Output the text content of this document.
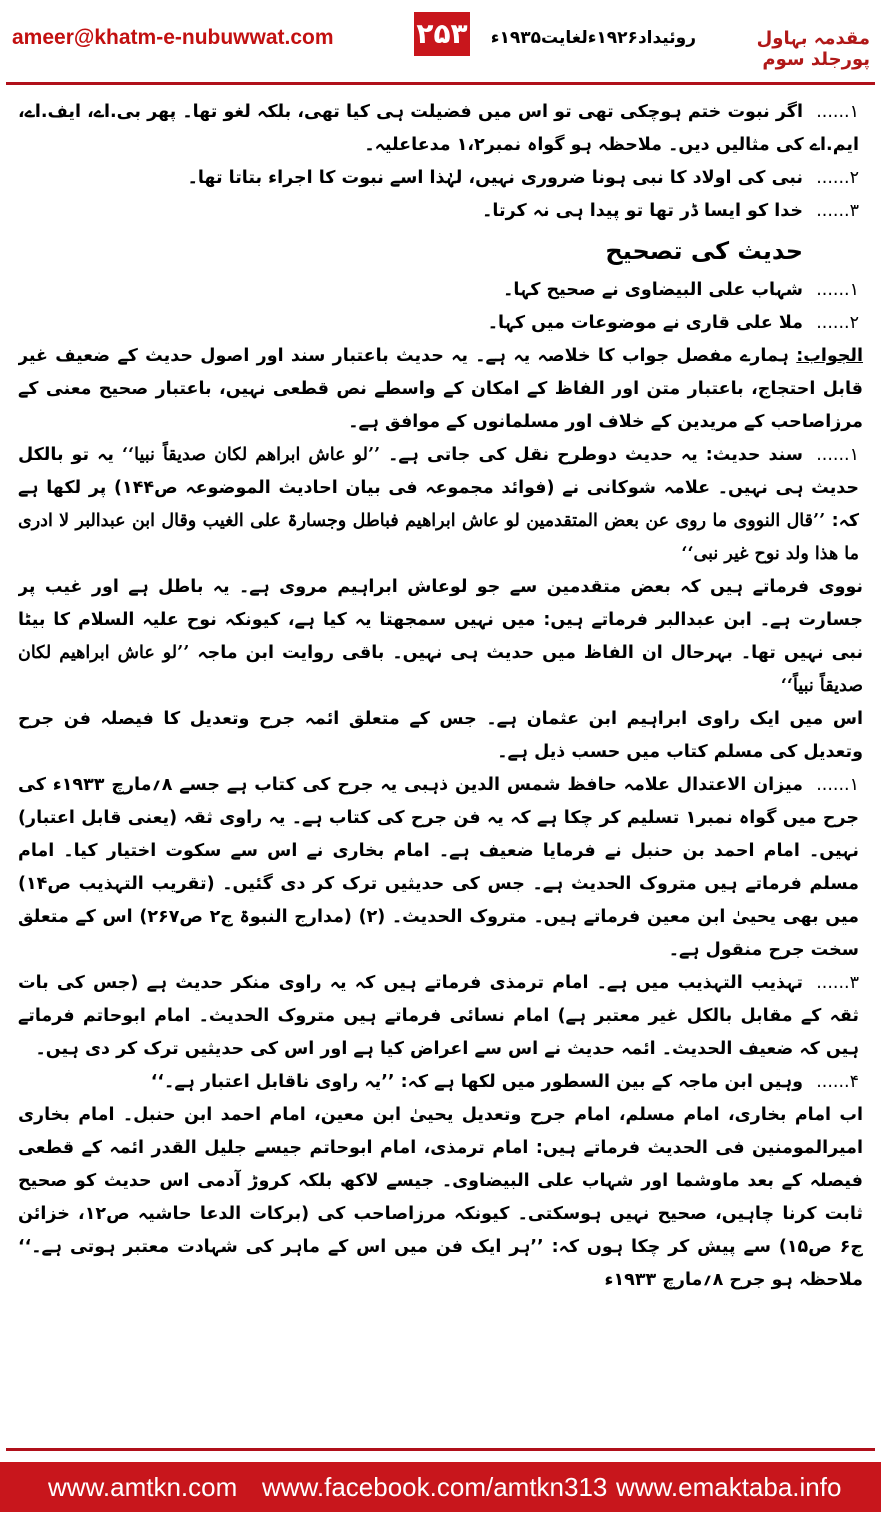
ameer@khatm-e-nubuwwat.com	۲۵۳ روئیداد۱۹۲۶ءلغایت۱۹۳۵ء	مقدمہ بہاول پورجلد سوم

۱......اگر نبوت ختم ہوچکی تھی تو اس میں فضیلت ہی کیا تھی، بلکہ لغو تھا۔ پھر بی.اے، ایف.اے، ایم.اے کی مثالیں دیں۔ ملاحظہ ہو گواہ نمبر۱،۲ مدعاعلیہ۔

۲......نبی کی اولاد کا نبی ہونا ضروری نہیں، لہٰذا اسے نبوت کا اجراء بتاتا تھا۔

۳......خدا کو ایسا ڈر تھا تو پیدا ہی نہ کرتا۔

حدیث کی تصحیح

۱......شہاب علی البیضاوی نے صحیح کہا۔

۲......ملا علی قاری نے موضوعات میں کہا۔

الجواب: ہمارے مفصل جواب کا خلاصہ یہ ہے۔ یہ حدیث باعتبار سند اور اصول حدیث کے ضعیف غیر قابل احتجاج، باعتبار متن اور الفاظ کے امکان کے واسطے نص قطعی نہیں، باعتبار صحیح معنی کے مرزاصاحب کے مریدین کے خلاف اور مسلمانوں کے موافق ہے۔

۱......سند حدیث: یہ حدیث دوطرح نقل کی جاتی ہے۔ ’’لو عاش ابراھم لکان صدیقاً نبیا‘‘ یہ تو بالکل حدیث ہی نہیں۔ علامہ شوکانی نے (فوائد مجموعہ فی بیان احادیث الموضوعہ ص۱۴۴) پر لکھا ہے کہ: ’’قال النووی ما روی عن بعض المتقدمین لو عاش ابراھیم فباطل وجسارۃ علی الغیب وقال ابن عبدالبر لا ادری ما ھذا ولد نوح غیر نبی‘‘

نووی فرماتے ہیں کہ بعض متقدمین سے جو لوعاش ابراہیم مروی ہے۔ یہ باطل ہے اور غیب پر جسارت ہے۔ ابن عبدالبر فرماتے ہیں: میں نہیں سمجھتا یہ کیا ہے، کیونکہ نوح علیہ السلام کا بیٹا نبی نہیں تھا۔ بہرحال ان الفاظ میں حدیث ہی نہیں۔ باقی روایت ابن ماجہ ’’لو عاش ابراھیم لکان صدیقاً نبیاً‘‘

اس میں ایک راوی ابراہیم ابن عثمان ہے۔ جس کے متعلق ائمہ جرح وتعدیل کا فیصلہ فن جرح وتعدیل کی مسلم کتاب میں حسب ذیل ہے۔

۱......میزان الاعتدال علامہ حافظ شمس الدین ذہبی یہ جرح کی کتاب ہے جسے ۸؍مارچ ۱۹۳۳ء کی جرح میں گواہ نمبر۱ تسلیم کر چکا ہے کہ یہ فن جرح کی کتاب ہے۔ یہ راوی ثقہ (یعنی قابل اعتبار) نہیں۔ امام احمد بن حنبل نے فرمایا ضعیف ہے۔ امام بخاری نے اس سے سکوت اختیار کیا۔ امام مسلم فرماتے ہیں متروک الحدیث ہے۔ جس کی حدیثیں ترک کر دی گئیں۔ (تقریب التہذیب ص۱۴) میں بھی یحییٰ ابن معین فرماتے ہیں۔ متروک الحدیث۔ (۲) (مدارج النبوۃ ج۲ ص۲۶۷) اس کے متعلق سخت جرح منقول ہے۔

۳......تہذیب التہذیب میں ہے۔ امام ترمذی فرماتے ہیں کہ یہ راوی منکر حدیث ہے (جس کی بات ثقہ کے مقابل بالکل غیر معتبر ہے) امام نسائی فرماتے ہیں متروک الحدیث۔ امام ابوحاتم فرماتے ہیں کہ ضعیف الحدیث۔ ائمہ حدیث نے اس سے اعراض کیا ہے اور اس کی حدیثیں ترک کر دی ہیں۔

۴......وہیں ابن ماجہ کے بین السطور میں لکھا ہے کہ: ’’یہ راوی ناقابل اعتبار ہے۔‘‘

اب امام بخاری، امام مسلم، امام جرح وتعدیل یحییٰ ابن معین، امام احمد ابن حنبل۔ امام بخاری امیرالمومنین فی الحدیث فرماتے ہیں: امام ترمذی، امام ابوحاتم جیسے جلیل القدر ائمہ کے قطعی فیصلہ کے بعد ماوشما اور شہاب علی البیضاوی۔ جیسے لاکھ بلکہ کروڑ آدمی اس حدیث کو صحیح ثابت کرنا چاہیں، صحیح نہیں ہوسکتی۔ کیونکہ مرزاصاحب کی (برکات الدعا حاشیہ ص۱۲، خزائن ج۶ ص۱۵) سے پیش کر چکا ہوں کہ: ’’ہر ایک فن میں اس کے ماہر کی شہادت معتبر ہوتی ہے۔‘‘ ملاحظہ ہو جرح ۸؍مارچ ۱۹۳۳ء

www.amtkn.com www.facebook.com/amtkn313 www.emaktaba.info
